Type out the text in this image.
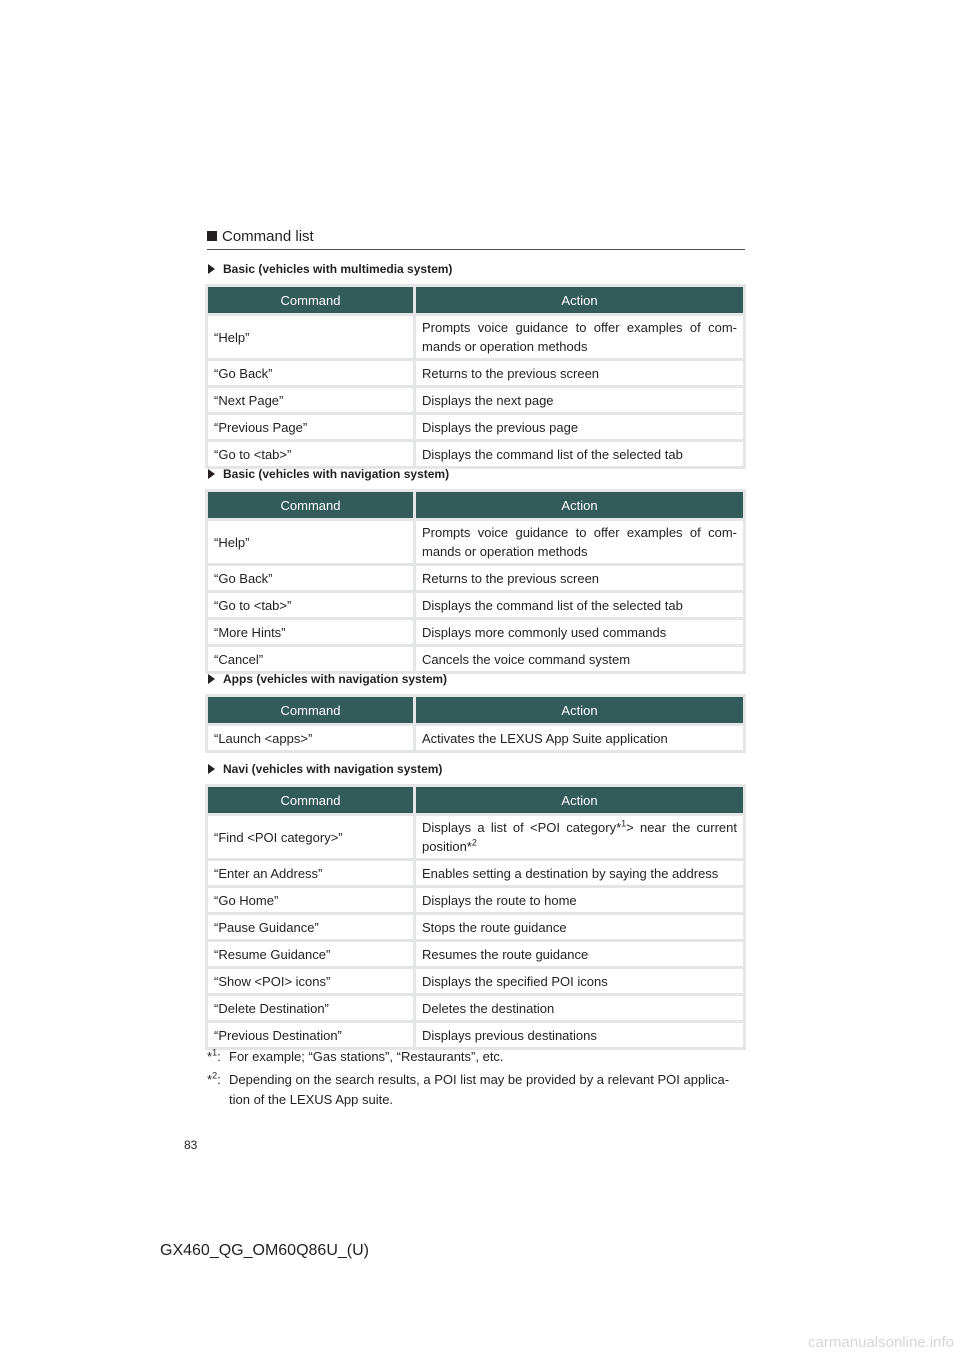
Command list
Basic (vehicles with multimedia system)
Command	Action
“Help”	Prompts voice guidance to offer examples of com-mands or operation methods
“Go Back”	Returns to the previous screen
“Next Page”	Displays the next page
“Previous Page”	Displays the previous page
“Go to <tab>”	Displays the command list of the selected tab
Basic (vehicles with navigation system)
Command	Action
“Help”	Prompts voice guidance to offer examples of com-mands or operation methods
“Go Back”	Returns to the previous screen
“Go to <tab>”	Displays the command list of the selected tab
“More Hints”	Displays more commonly used commands
“Cancel”	Cancels the voice command system
Apps (vehicles with navigation system)
Command	Action
“Launch <apps>”	Activates the LEXUS App Suite application
Navi (vehicles with navigation system)
Command	Action
“Find <POI category>”	Displays a list of <POI category*$^1$> near the current position*$^2$
“Enter an Address”	Enables setting a destination by saying the address
“Go Home”	Displays the route to home
“Pause Guidance”	Stops the route guidance
“Resume Guidance”	Resumes the route guidance
“Show <POI> icons”	Displays the specified POI icons
“Delete Destination”	Deletes the destination
“Previous Destination”	Displays previous destinations
*$^1$: For example; “Gas stations”, “Restaurants”, etc.
*$^2$: Depending on the search results, a POI list may be provided by a relevant POI applica-tion of the LEXUS App suite.
83
GX460_QG_OM60Q86U_(U)
carmanualsonline.info
